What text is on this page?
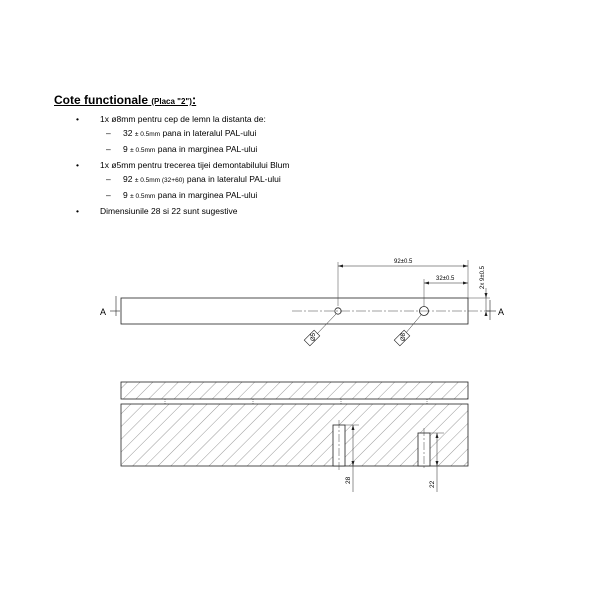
Cote functionale (Placa "2"):
• 1x ø8mm pentru cep de lemn la distanta de:
– 32 ± 0.5mm pana in lateralul PAL-ului
– 9 ± 0.5mm pana in marginea PAL-ului
• 1x ø5mm pentru trecerea tijei demontabilului Blum
– 92 ± 0.5mm (32+60) pana in lateralul PAL-ului
– 9 ± 0.5mm pana in marginea PAL-ului
• Dimensiunile 28 si 22 sunt sugestive
A	A
92±0.5
32±0.5	2x 9±0.5
Ø5	Ø8
28
22
